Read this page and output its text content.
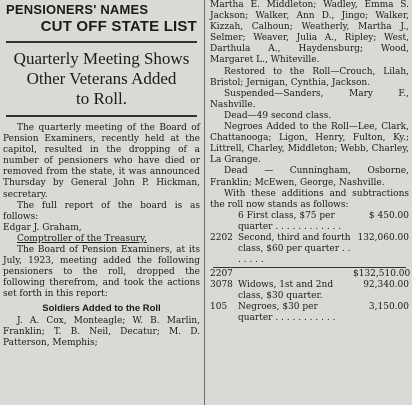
PENSIONERS' NAMES
CUT OFF STATE LIST
Quarterly Meeting Shows
Other Veterans Added
to Roll.
The quarterly meeting of the Board of Pension Examiners, recently held at the capitol, resulted in the dropping of a number of pensioners who have died or removed from the state, it was announced Thursday by General John P. Hickman, secretary.
The full report of the board is as follows:
Edgar J. Graham,
Comptroller of the Treasury.
The Board of Pension Examiners, at its July, 1923, meeting added the following pensioners to the roll, dropped the following therefrom, and took the actions set forth in this report:
Soldiers Added to the Roll
J. A. Cox, Monteagle; W. B. Marlin, Franklin; T. B. Neil, Decatur; M. D. Patterson, Memphis;
Martha E. Middleton; Wadley, Emma S. Jackson; Walker, Ann D., Jingo; Walker, Kizzah, Calhoun; Weatherly, Martha J., Selmer; Weaver, Julia A., Ripley; West, Darthula A., Haydensburg; Wood, Margaret L., Whiteville.
Restored to the Roll—Crouch, Lilah, Bristol; Jernigan, Cynthia, Jackson.
Suspended—Sanders, Mary F., Nashville.
Dead—49 second class.
Negroes Added to the Roll—Lee, Clark, Chattanooga; Ligon, Henry, Fulton, Ky.; Littrell, Charley, Middleton; Webb, Charley, La Grange.
Dead — Cunningham, Osborne, Franklin; McEwen, George, Nashville.
With these additions and subtractions the roll now stands as follows:
6 First class, $75 per quarter . . . . . . . . . . . .
$ 450.00
2202 Second, third and fourth class, $60 per quarter . . . . . . .
132,060.00
2207	$132,510.00
3078 Widows, 1st and 2nd class, $30 quarter.
92,340.00
105	Negroes, $30 per quarter . . . . . . . . . . .
3,150.00
